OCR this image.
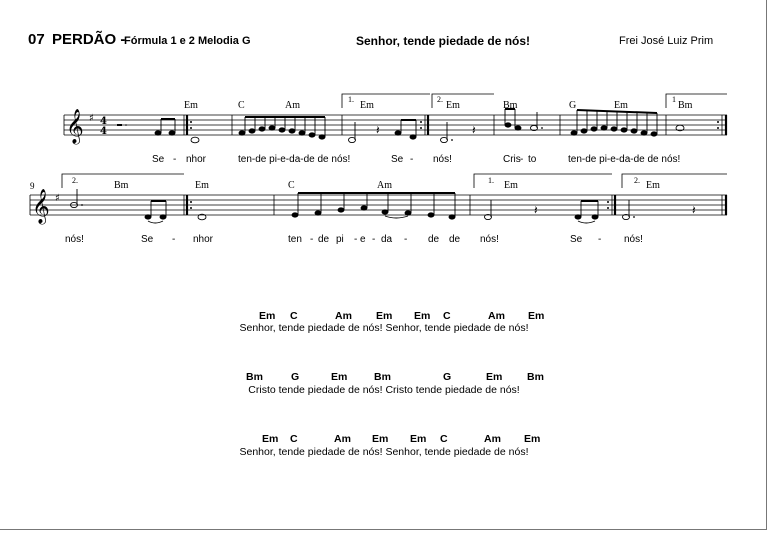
07 PERDÃO -
Fórmula 1 e 2 Melodia G	Senhor, tende piedade de nós!	Frei José Luiz Prim
𝄞 ♯ 4
4	𝄽	𝄽
𝄞 ♯
𝄽	𝄽
Em	C	Am	Em	Em	Bm	G	Em	Bm
1.	2.	1
Se - nhor	ten-de pi-e-da-de de nós!	Se - nós!	Cris - to	ten-de pi-e-da-de de nós!
9
2.	Bm	Em	C	Am	1. Em	2. Em
nós!	Se - nhor	ten - de pi - e - da - de de nós!	Se - nós!
Em C	Am Em Em C	Am Em
Senhor, tende piedade de nós! Senhor, tende piedade de nós!
Bm	G	Em	Bm	G	Em Bm
Cristo tende piedade de nós! Cristo tende piedade de nós!
Em C	Am Em Em C	Am Em
Senhor, tende piedade de nós! Senhor, tende piedade de nós!
